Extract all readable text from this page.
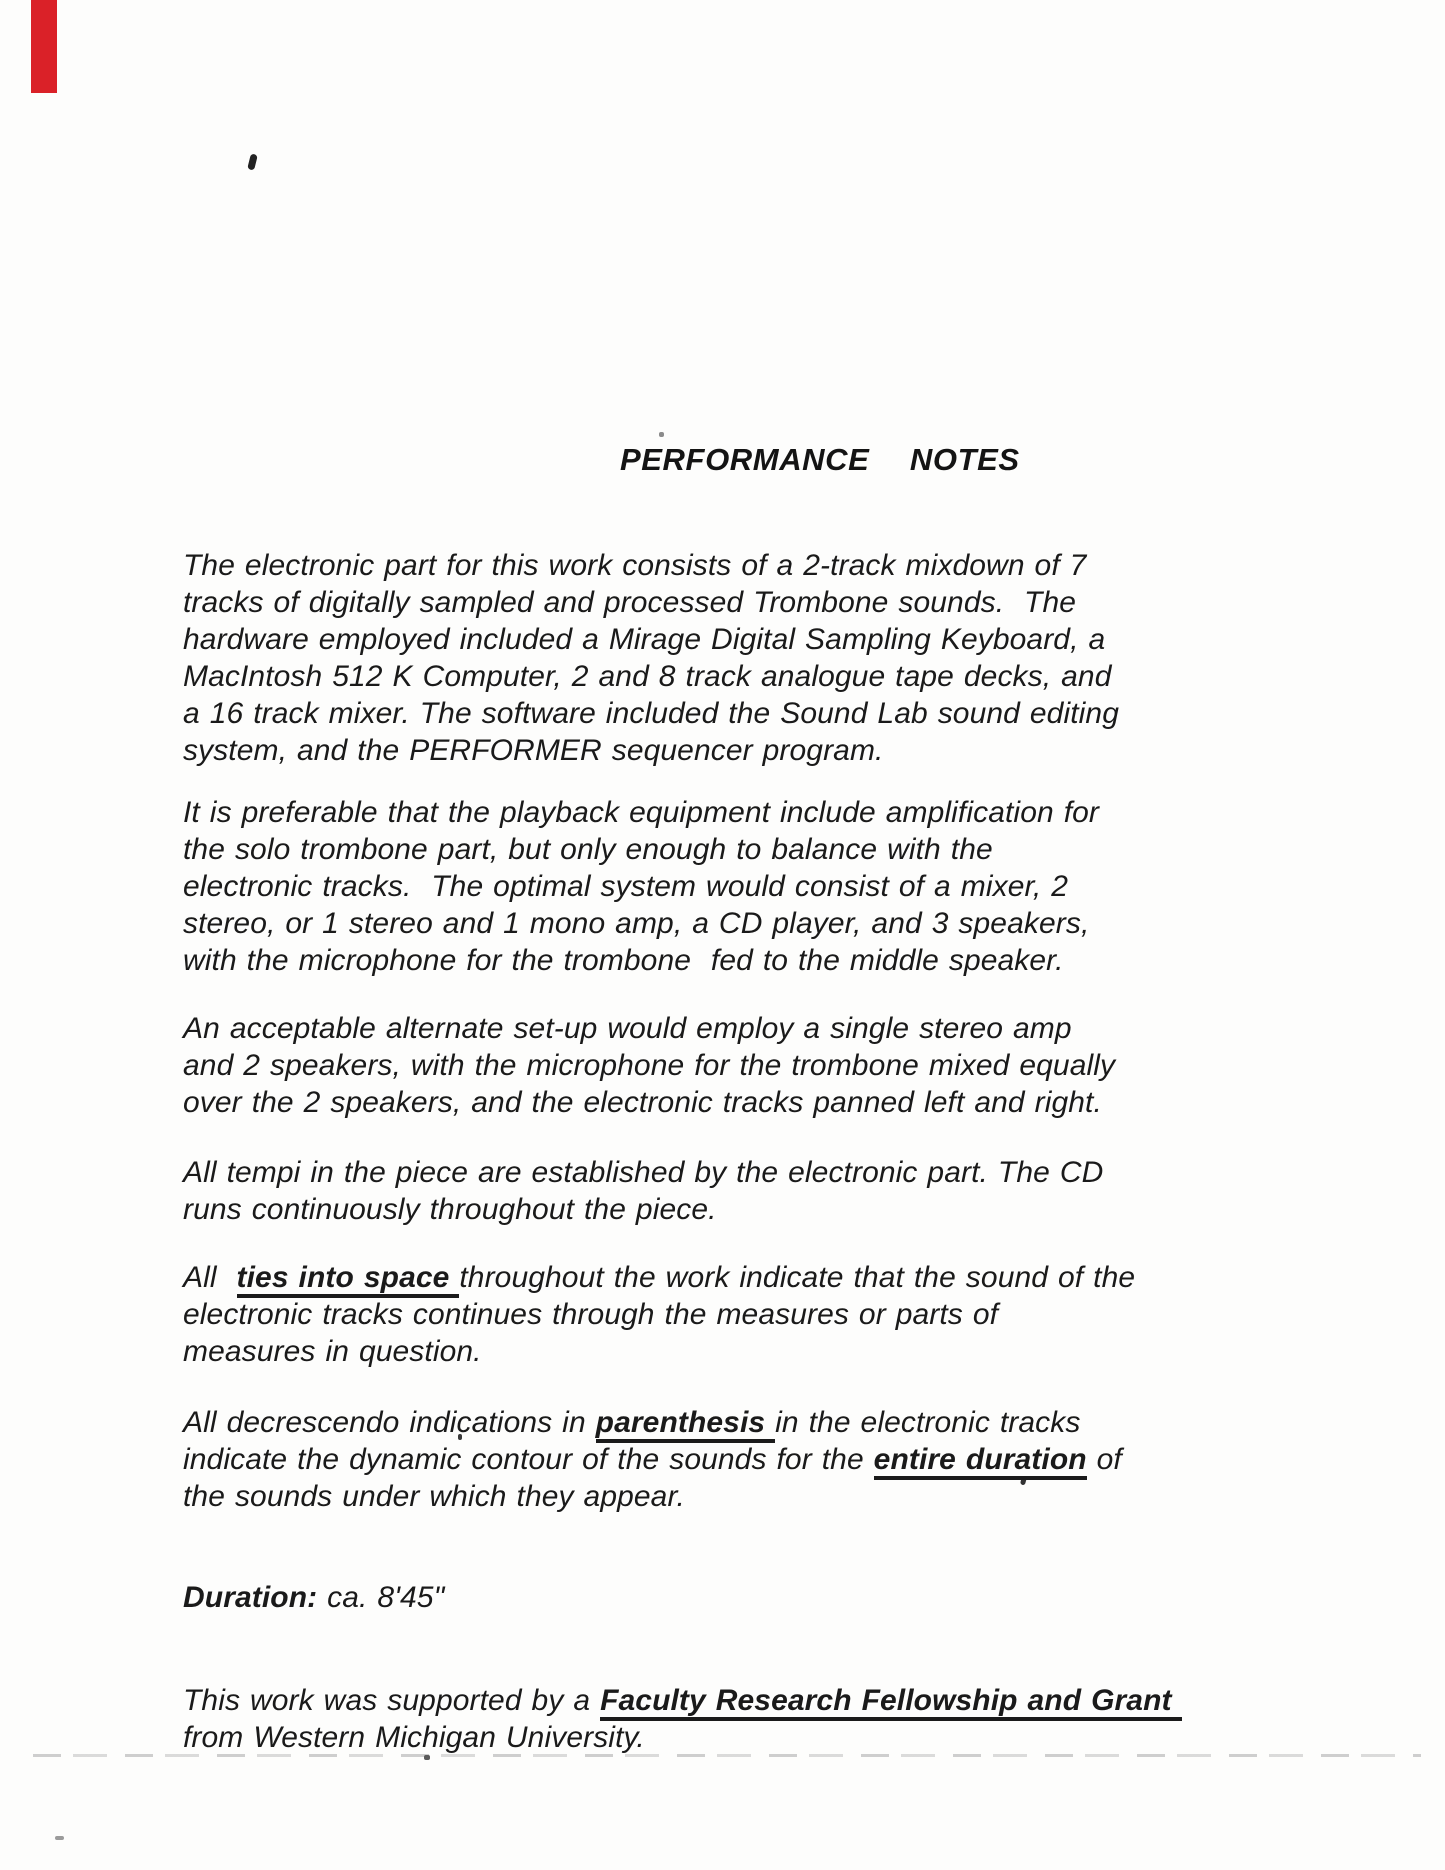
PERFORMANCE  NOTES
The electronic part for this work consists of a 2-track mixdown of 7
tracks of digitally sampled and processed Trombone sounds.  The
hardware employed included a Mirage Digital Sampling Keyboard, a
MacIntosh 512 K Computer, 2 and 8 track analogue tape decks, and
a 16 track mixer. The software included the Sound Lab sound editing
system, and the PERFORMER sequencer program.
It is preferable that the playback equipment include amplification for
the solo trombone part, but only enough to balance with the
electronic tracks.  The optimal system would consist of a mixer, 2
stereo, or 1 stereo and 1 mono amp, a CD player, and 3 speakers,
with the microphone for the trombone  fed to the middle speaker.
An acceptable alternate set-up would employ a single stereo amp
and 2 speakers, with the microphone for the trombone mixed equally
over the 2 speakers, and the electronic tracks panned left and right.
All tempi in the piece are established by the electronic part. The CD
runs continuously throughout the piece.
All  ties into space throughout the work indicate that the sound of the
electronic tracks continues through the measures or parts of
measures in question.
All decrescendo indications in parenthesis in the electronic tracks
indicate the dynamic contour of the sounds for the entire duration of
the sounds under which they appear.
Duration: ca. 8'45"
This work was supported by a Faculty Research Fellowship and Grant
from Western Michigan University.
